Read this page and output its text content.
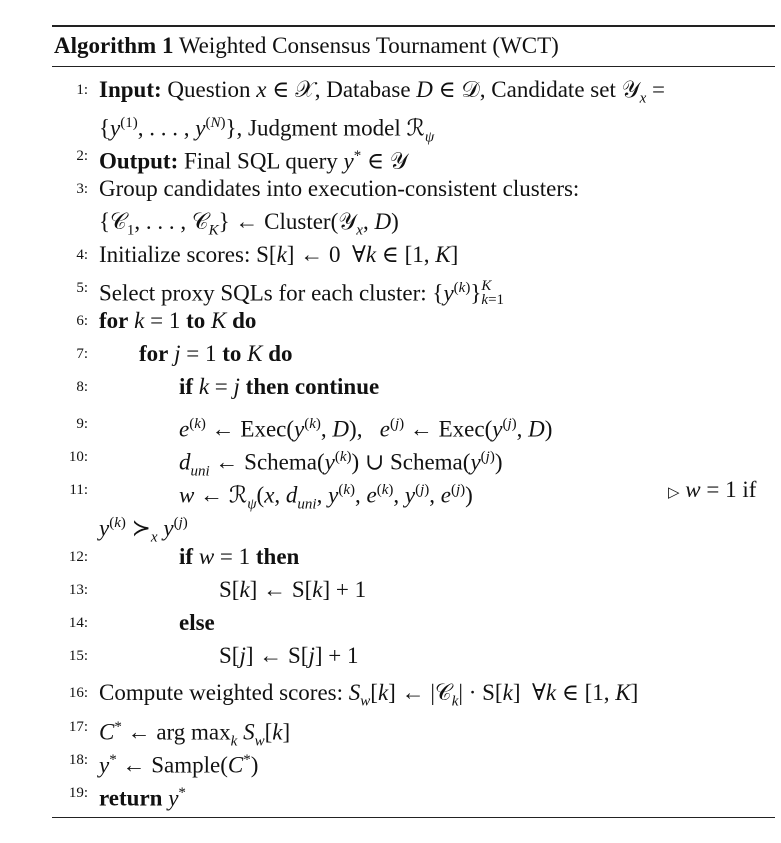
Algorithm 1 Weighted Consensus Tournament (WCT)
1: Input: Question x ∈ 𝒳, Database D ∈ 𝒟, Candidate set 𝒴$_x$ =
{$y^{(1)}$, . . . , $y^{(N)}$}, Judgment model ℛ$_\psi$
2: Output: Final SQL query y* ∈ 𝒴
3: Group candidates into execution-consistent clusters:
{𝒞$_1$, . . . , 𝒞$_K$} ← Cluster(𝒴$_x$, D)
4: Initialize scores: S[k] ← 0  ∀k ∈ [1, K]
5: Select proxy SQLs for each cluster: $\{y^{(k)}\}K$
k=1
6: for k = 1 to K do
7: for j = 1 to K do
8:	if k = j then continue
9:	$e^{(k)}$ ← $Exec(y^{(k)}$, D),   $e^{(j)}$ ← $Exec(y^{(j)}$, D)
10:	$d_{uni}$ ← $Schema(y^{(k)})$ ∪ $Schema(y^{(j)})$
11:	w ← ℛ$_\psi$(x, $d_{uni}$, $y^{(k)}$, $e^{(k)}$, $y^{(j)}$, $e^{(j)}$)	▷ w = 1 if
$y^{(k)}$ $≻_x$ $y^{(j)}$
12:	if w = 1 then
13:	S[k] ← S[k] + 1
14:	else
15:	S[j] ← S[j] + 1
16: Compute weighted scores: $S_w[k]$ ← |𝒞$_k$| · S[k]  ∀k ∈ [1, K]
17: C* ← arg $\max_k S_w[k]$
18: y* ← Sample(C*)
19: return y*
